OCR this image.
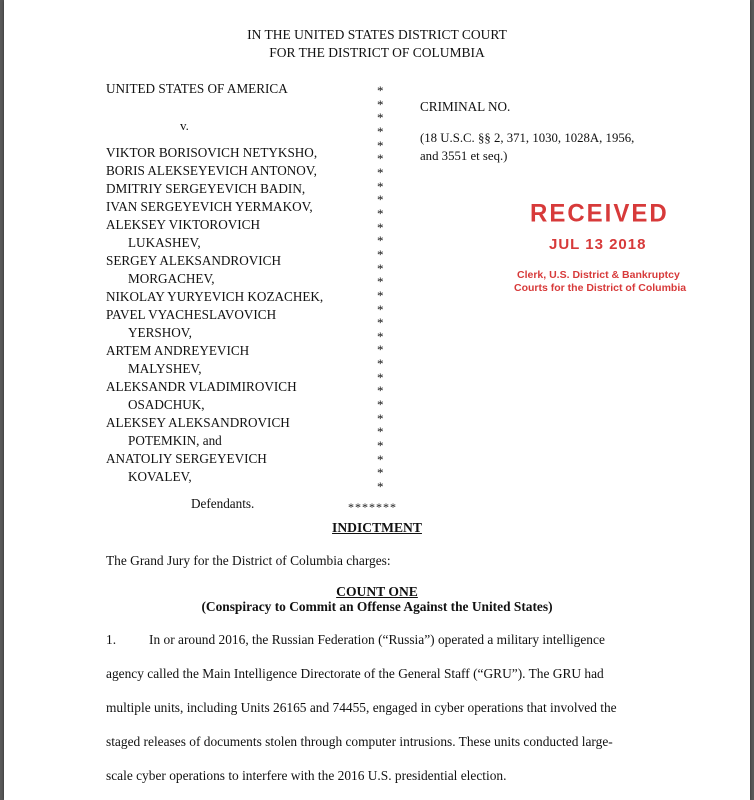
IN THE UNITED STATES DISTRICT COURT
FOR THE DISTRICT OF COLUMBIA
UNITED STATES OF AMERICA
v.
VIKTOR BORISOVICH NETYKSHO,
BORIS ALEKSEYEVICH ANTONOV,
DMITRIY SERGEYEVICH BADIN,
IVAN SERGEYEVICH YERMAKOV,
ALEKSEY VIKTOROVICH
LUKASHEV,
SERGEY ALEKSANDROVICH
MORGACHEV,
NIKOLAY YURYEVICH KOZACHEK,
PAVEL VYACHESLAVOVICH
YERSHOV,
ARTEM ANDREYEVICH
MALYSHEV,
ALEKSANDR VLADIMIROVICH
OSADCHUK,
ALEKSEY ALEKSANDROVICH
POTEMKIN, and
ANATOLIY SERGEYEVICH
KOVALEV,
Defendants.
*
*
*
*
*
*
*
*
*
*
*
*
*
*
*
*
*
*
*
*
*
*
*
*
*
*
*
*
*
*
*******
CRIMINAL NO.
(18 U.S.C. §§ 2, 371, 1030, 1028A, 1956,
and 3551 et seq.)
RECEIVED
JUL 13 2018
Clerk, U.S. District & Bankruptcy
Courts for the District of Columbia
INDICTMENT
The Grand Jury for the District of Columbia charges:
COUNT ONE
(Conspiracy to Commit an Offense Against the United States)
1. In or around 2016, the Russian Federation (“Russia”) operated a military intelligence
agency called the Main Intelligence Directorate of the General Staff (“GRU”). The GRU had
multiple units, including Units 26165 and 74455, engaged in cyber operations that involved the
staged releases of documents stolen through computer intrusions. These units conducted large-
scale cyber operations to interfere with the 2016 U.S. presidential election.
